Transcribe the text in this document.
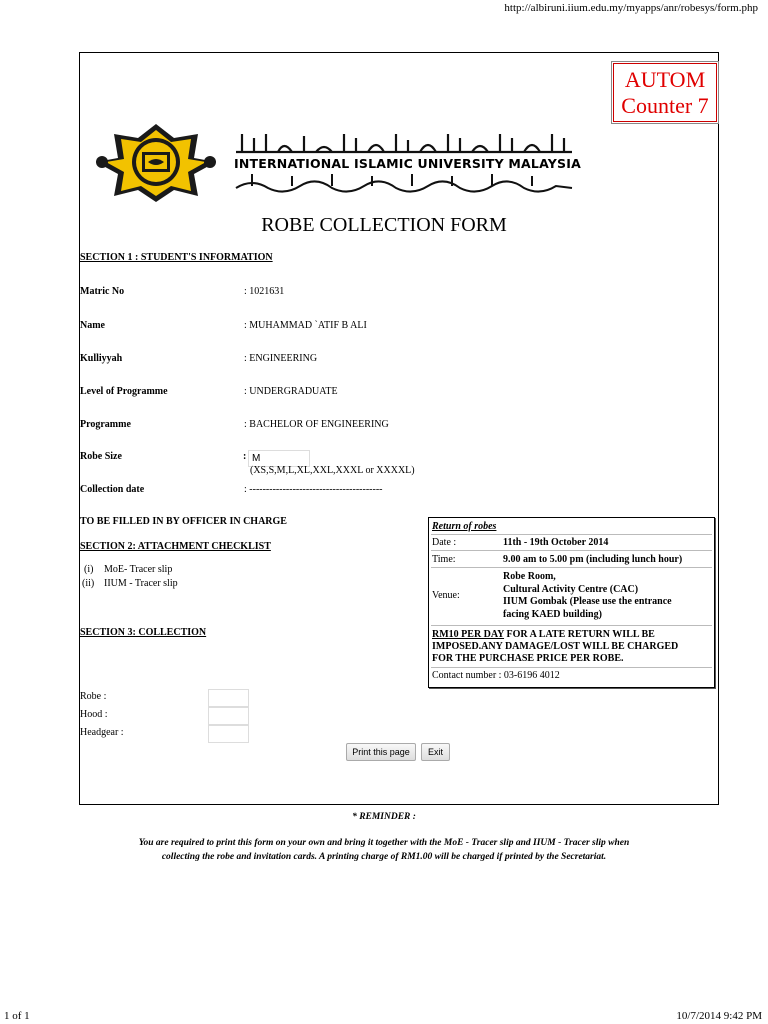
http://albiruni.iium.edu.my/myapps/anr/robesys/form.php
AUTOM
Counter 7
INTERNATIONAL ISLAMIC UNIVERSITY MALAYSIA
ROBE COLLECTION FORM
SECTION 1 : STUDENT'S INFORMATION
Matric No	: 1021631
Name	: MUHAMMAD `ATIF B ALI
Kulliyyah	: ENGINEERING
Level of Programme	: UNDERGRADUATE
Programme	: BACHELOR OF ENGINEERING
Robe Size	: M
(XS,S,M,L,XL,XXL,XXXL or XXXXL)
Collection date	: ----------------------------------------
TO BE FILLED IN BY OFFICER IN CHARGE
SECTION 2: ATTACHMENT CHECKLIST
(i) MoE- Tracer slip
(ii) IIUM - Tracer slip
SECTION 3: COLLECTION
Robe :
Hood :
Headgear :
Print this page	Exit
Return of robes
Date :	11th - 19th October 2014
Time:	9.00 am to 5.00 pm (including lunch hour)
Venue:
Robe Room,
Cultural Activity Centre (CAC)
IIUM Gombak (Please use the entrance
facing KAED building)
RM10 PER DAY FOR A LATE RETURN WILL BE
IMPOSED.ANY DAMAGE/LOST WILL BE CHARGED
FOR THE PURCHASE PRICE PER ROBE.
Contact number : 03-6196 4012
* REMINDER :
You are required to print this form on your own and bring it together with the MoE - Tracer slip and IIUM - Tracer slip when
collecting the robe and invitation cards. A printing charge of RM1.00 will be charged if printed by the Secretariat.
1 of 1	10/7/2014 9:42 PM
